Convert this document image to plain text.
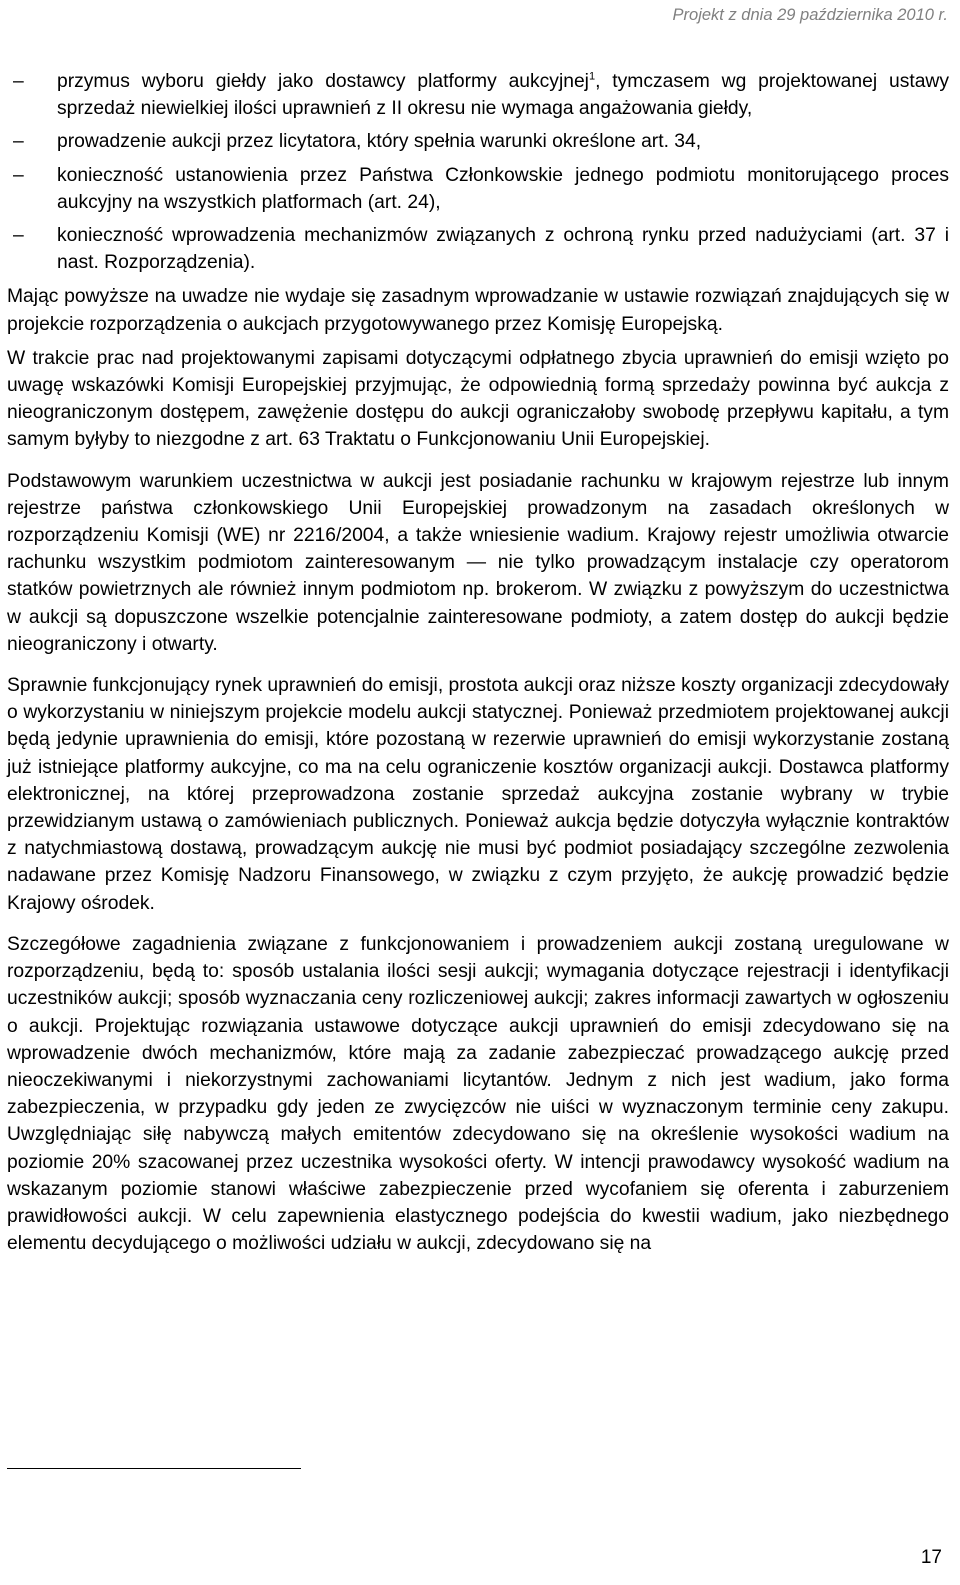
Projekt z dnia 29 października 2010 r.
–
przymus wyboru giełdy jako dostawcy platformy aukcyjnej$^1$, tymczasem wg projektowanej ustawy sprzedaż niewielkiej ilości uprawnień z II okresu nie wymaga angażowania giełdy,
–
prowadzenie aukcji przez licytatora, który spełnia warunki określone art. 34,
–
konieczność ustanowienia przez Państwa Członkowskie jednego podmiotu monitorującego proces aukcyjny na wszystkich platformach (art. 24),
–
konieczność wprowadzenia mechanizmów związanych z ochroną rynku przed nadużyciami (art. 37 i nast. Rozporządzenia).

Mając powyższe na uwadze nie wydaje się zasadnym wprowadzanie w ustawie rozwiązań znajdujących się w projekcie rozporządzenia o aukcjach przygotowywanego przez Komisję Europejską.

W trakcie prac nad projektowanymi zapisami dotyczącymi odpłatnego zbycia uprawnień do emisji wzięto po uwagę wskazówki Komisji Europejskiej przyjmując, że odpowiednią formą sprzedaży powinna być aukcja z nieograniczonym dostępem, zawężenie dostępu do aukcji ograniczałoby swobodę przepływu kapitału, a tym samym byłyby to niezgodne z art. 63 Traktatu o Funkcjonowaniu Unii Europejskiej.

Podstawowym warunkiem uczestnictwa w aukcji jest posiadanie rachunku w krajowym rejestrze lub innym rejestrze państwa członkowskiego Unii Europejskiej prowadzonym na zasadach określonych w rozporządzeniu Komisji (WE) nr 2216/2004, a także wniesienie wadium. Krajowy rejestr umożliwia otwarcie rachunku wszystkim podmiotom zainteresowanym — nie tylko prowadzącym instalacje czy operatorom statków powietrznych ale również innym podmiotom np. brokerom. W związku z powyższym do uczestnictwa w aukcji są dopuszczone wszelkie potencjalnie zainteresowane podmioty, a zatem dostęp do aukcji będzie nieograniczony i otwarty.

Sprawnie funkcjonujący rynek uprawnień do emisji, prostota aukcji oraz niższe koszty organizacji zdecydowały o wykorzystaniu w niniejszym projekcie modelu aukcji statycznej. Ponieważ przedmiotem projektowanej aukcji będą jedynie uprawnienia do emisji, które pozostaną w rezerwie uprawnień do emisji wykorzystanie zostaną już istniejące platformy aukcyjne, co ma na celu ograniczenie kosztów organizacji aukcji. Dostawca platformy elektronicznej, na której przeprowadzona zostanie sprzedaż aukcyjna zostanie wybrany w trybie przewidzianym ustawą o zamówieniach publicznych. Ponieważ aukcja będzie dotyczyła wyłącznie kontraktów z natychmiastową dostawą, prowadzącym aukcję nie musi być podmiot posiadający szczególne zezwolenia nadawane przez Komisję Nadzoru Finansowego, w związku z czym przyjęto, że aukcję prowadzić będzie Krajowy ośrodek.

Szczegółowe zagadnienia związane z funkcjonowaniem i prowadzeniem aukcji zostaną uregulowane w rozporządzeniu, będą to: sposób ustalania ilości sesji aukcji; wymagania dotyczące rejestracji i identyfikacji uczestników aukcji; sposób wyznaczania ceny rozliczeniowej aukcji; zakres informacji zawartych w ogłoszeniu o aukcji. Projektując rozwiązania ustawowe dotyczące aukcji uprawnień do emisji zdecydowano się na wprowadzenie dwóch mechanizmów, które mają za zadanie zabezpieczać prowadzącego aukcję przed nieoczekiwanymi i niekorzystnymi zachowaniami licytantów. Jednym z nich jest wadium, jako forma zabezpieczenia, w przypadku gdy jeden ze zwycięzców nie uiści w wyznaczonym terminie ceny zakupu. Uwzględniając siłę nabywczą małych emitentów zdecydowano się na określenie wysokości wadium na poziomie 20% szacowanej przez uczestnika wysokości oferty. W intencji prawodawcy wysokość wadium na wskazanym poziomie stanowi właściwe zabezpieczenie przed wycofaniem się oferenta i zaburzeniem prawidłowości aukcji. W celu zapewnienia elastycznego podejścia do kwestii wadium, jako niezbędnego elementu decydującego o możliwości udziału w aukcji, zdecydowano się na

17
